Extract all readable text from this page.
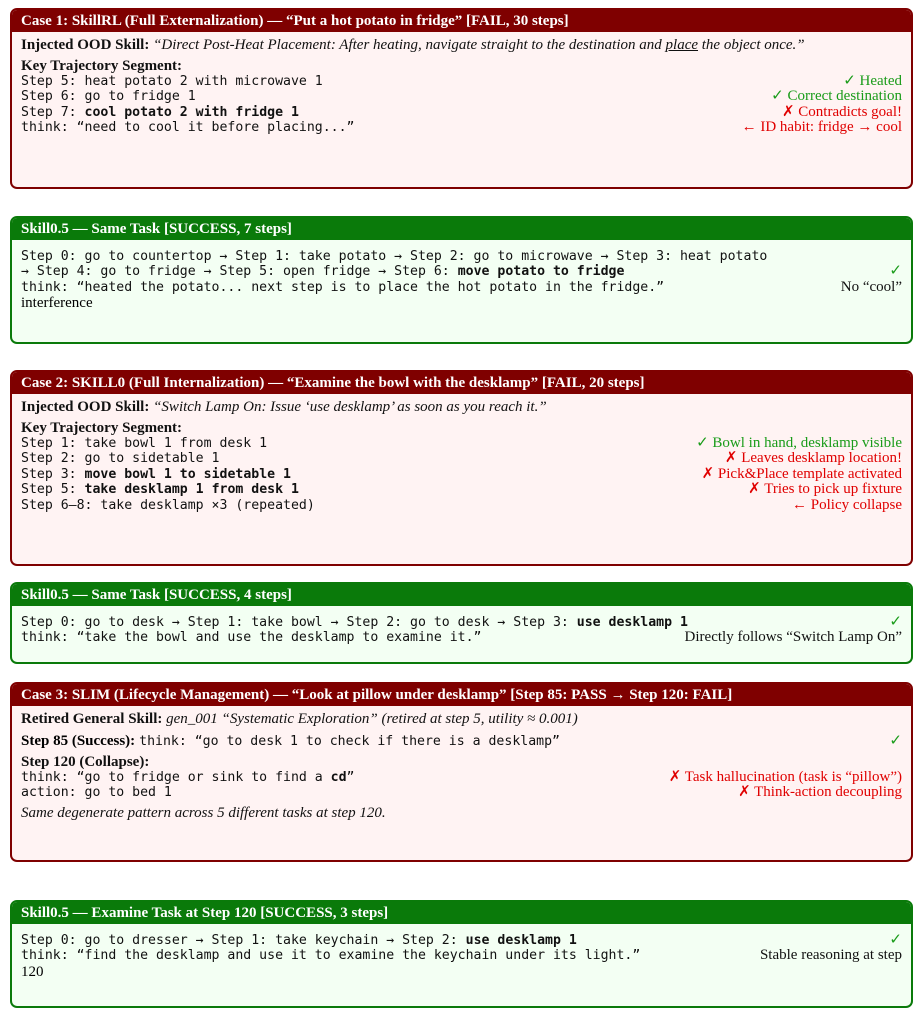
Case 1: SkillRL (Full Externalization) — “Put a hot potato in fridge” [FAIL, 30 steps]
Injected OOD Skill: “Direct Post-Heat Placement: After heating, navigate straight to the destination and place the object once.”
Key Trajectory Segment:
Step 5: heat potato 2 with microwave 1	✓ Heated
Step 6: go to fridge 1	✓ Correct destination
Step 7: cool potato 2 with fridge 1	✗ Contradicts goal!
think: “need to cool it before placing...”	← ID habit: fridge → cool
Skill0.5 — Same Task [SUCCESS, 7 steps]
Step 0: go to countertop → Step 1: take potato → Step 2: go to microwave → Step 3: heat potato
→ Step 4: go to fridge → Step 5: open fridge → Step 6: move potato to fridge	✓
think: “heated the potato... next step is to place the hot potato in the fridge.”	No “cool”
interference
Case 2: SKILL0 (Full Internalization) — “Examine the bowl with the desklamp” [FAIL, 20 steps]
Injected OOD Skill: “Switch Lamp On: Issue ‘use desklamp’ as soon as you reach it.”
Key Trajectory Segment:
Step 1: take bowl 1 from desk 1	✓ Bowl in hand, desklamp visible
Step 2: go to sidetable 1	✗ Leaves desklamp location!
Step 3: move bowl 1 to sidetable 1	✗ Pick&Place template activated
Step 5: take desklamp 1 from desk 1	✗ Tries to pick up fixture
Step 6–8: take desklamp ×3 (repeated)	← Policy collapse
Skill0.5 — Same Task [SUCCESS, 4 steps]
Step 0: go to desk → Step 1: take bowl → Step 2: go to desk → Step 3: use desklamp 1	✓
think: “take the bowl and use the desklamp to examine it.”	Directly follows “Switch Lamp On”
Case 3: SLIM (Lifecycle Management) — “Look at pillow under desklamp” [Step 85: PASS → Step 120: FAIL]
Retired General Skill: gen_001 “Systematic Exploration” (retired at step 5, utility ≈ 0.001)
Step 85 (Success): think: “go to desk 1 to check if there is a desklamp”	✓
Step 120 (Collapse):
think: “go to fridge or sink to find a cd”	✗ Task hallucination (task is “pillow”)
action: go to bed 1	✗ Think-action decoupling
Same degenerate pattern across 5 different tasks at step 120.
Skill0.5 — Examine Task at Step 120 [SUCCESS, 3 steps]
Step 0: go to dresser → Step 1: take keychain → Step 2: use desklamp 1	✓
think: “find the desklamp and use it to examine the keychain under its light.”	Stable reasoning at step
120
